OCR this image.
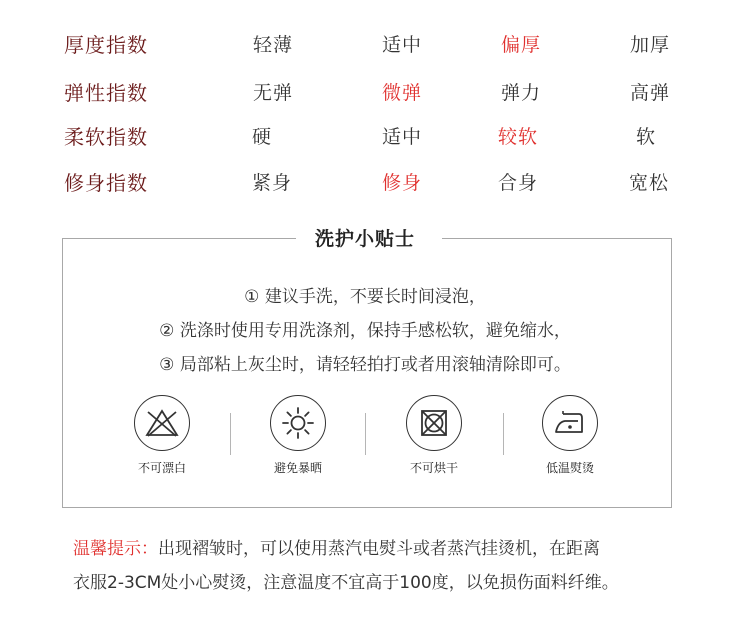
厚度指数	轻薄	适中	偏厚	加厚
弹性指数	无弹	微弹	弹力	高弹
柔软指数	硬	适中	较软	软
修身指数	紧身	修身	合身	宽松
洗护小贴士
① 建议手洗，不要长时间浸泡，
② 洗涤时使用专用洗涤剂，保持手感松软，避免缩水，
③ 局部粘上灰尘时，请轻轻拍打或者用滚轴清除即可。
不可漂白	避免暴晒	不可烘干	低温熨烫
温馨提示：出现褶皱时，可以使用蒸汽电熨斗或者蒸汽挂烫机，在距离
衣服2-3CM处小心熨烫，注意温度不宜高于100度，以免损伤面料纤维。
